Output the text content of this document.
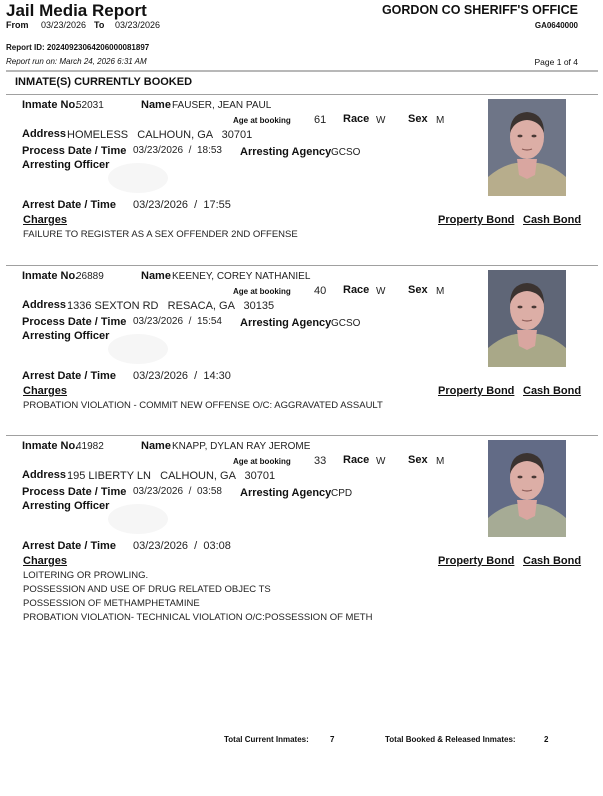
Jail Media Report
From 03/23/2026 To 03/23/2026
GORDON CO SHERIFF'S OFFICE
GA0640000
Report ID: 20240923064206000081897
Report run on: March 24, 2026 6:31 AM	Page 1 of 4
INMATE(S) CURRENTLY BOOKED
Inmate No.
52031	Name FAUSER, JEAN PAUL
Age at booking 61 Race W Sex M
Address HOMELESS   CALHOUN, GA   30701
Process Date / Time 03/23/2026  /  18:53 Arresting Agency GCSO
Arresting Officer
Arrest Date / Time 03/23/2026  /  17:55
Charges	Property Bond Cash Bond
FAILURE TO REGISTER AS A SEX OFFENDER 2ND OFFENSE
Inmate No.
26889	Name KEENEY, COREY NATHANIEL
Age at booking 40 Race W Sex M
Address 1336 SEXTON RD   RESACA, GA   30135
Process Date / Time 03/23/2026  /  15:54 Arresting Agency GCSO
Arresting Officer
Arrest Date / Time 03/23/2026  /  14:30
Charges	Property Bond Cash Bond
PROBATION VIOLATION - COMMIT NEW OFFENSE O/C: AGGRAVATED ASSAULT
Inmate No.
41982	Name KNAPP, DYLAN RAY JEROME
Age at booking 33 Race W Sex M
Address 195 LIBERTY LN   CALHOUN, GA   30701
Process Date / Time 03/23/2026  /  03:58 Arresting Agency CPD
Arresting Officer
Arrest Date / Time 03/23/2026  /  03:08
Charges	Property Bond Cash Bond
LOITERING OR PROWLING.
POSSESSION AND USE OF DRUG RELATED OBJEC TS
POSSESSION OF METHAMPHETAMINE
PROBATION VIOLATION- TECHNICAL VIOLATION O/C:POSSESSION OF METH
Total Current Inmates:	7	Total Booked & Released Inmates:	2
